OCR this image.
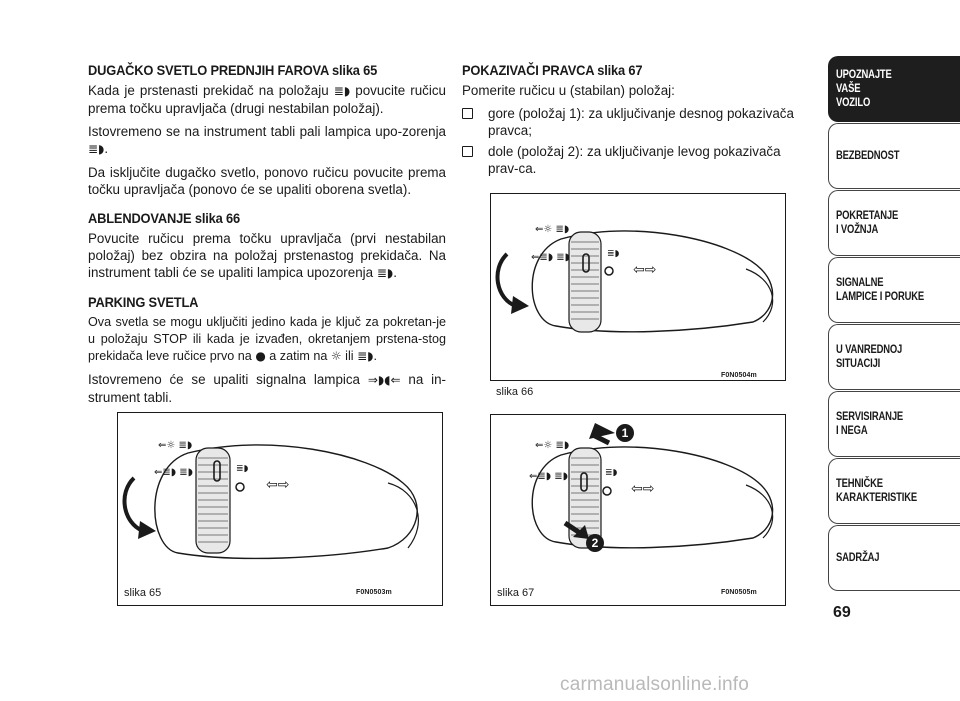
DUGAČKO SVETLO PREDNJIH FAROVA slika 65

Kada je prstenasti prekidač na položaju ≣◗ povucite ručicu prema točku upravljača (drugi nestabilan položaj).

Istovremeno se na instrument tabli pali lampica upo-zorenja ≣◗.

Da isključite dugačko svetlo, ponovo ručicu povucite prema točku upravljača (ponovo će se upaliti oborena svetla).

ABLENDOVANJE slika 66

Povucite ručicu prema točku upravljača (prvi nestabilan položaj) bez obzira na položaj prstenastog prekidača. Na instrument tabli će se upaliti lampica upozorenja ≣◗.

PARKING SVETLA

Ova svetla se mogu uključiti jedino kada je ključ za pokretan-je u položaju STOP ili kada je izvađen, okretanjem prstena-stog prekidača leve ručice prvo na ● a zatim na ☼ ili ≣◗.

Istovremeno će se upaliti signalna lampica ⇒◗◖⇐ na in-strument tabli.

POKAZIVAČI PRAVCA slika 67

Pomerite ručicu u (stabilan) položaj:

gore (položaj 1): za uključivanje desnog pokazivača pravca;
dole (položaj 2): za uključivanje levog pokazivača prav-ca.
⇐☼ ≣◗
⇐≣◗ ≣◗	≣◗
⇦⇨
slika 65	F0N0503m
⇐☼ ≣◗
⇐≣◗ ≣◗	≣◗
⇦⇨
F0N0504m
slika 66
⇐☼ ≣◗
⇐≣◗ ≣◗	≣◗
⇦⇨
1
2
slika 67	F0N0505m
UPOZNAJTE
VAŠE
VOZILO
BEZBEDNOST
POKRETANJE
I VOŽNJA
SIGNALNE
LAMPICE I PORUKE
U VANREDNOJ
SITUACIJI
SERVISIRANJE
I NEGA
TEHNIČKE
KARAKTERISTIKE
SADRŽAJ
69
carmanualsonline.info
